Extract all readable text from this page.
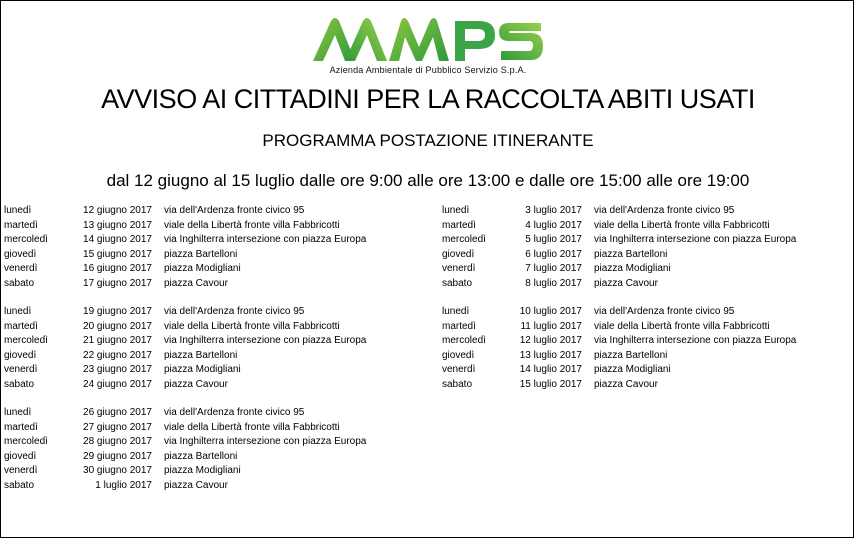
Azienda Ambientale di Pubblico Servizio S.p.A.
AVVISO AI CITTADINI PER LA RACCOLTA ABITI USATI
PROGRAMMA POSTAZIONE ITINERANTE
dal 12 giugno al 15 luglio dalle ore 9:00 alle ore 13:00 e dalle ore 15:00 alle ore 19:00
lunedì	12 giugno 2017 via dell'Ardenza fronte civico 95
martedì	13 giugno 2017 viale della Libertà fronte villa Fabbricotti
mercoledì	14 giugno 2017 via Inghilterra intersezione con piazza Europa
giovedì	15 giugno 2017 piazza Bartelloni
venerdì	16 giugno 2017 piazza Modigliani
sabato	17 giugno 2017 piazza Cavour
lunedì	19 giugno 2017 via dell'Ardenza fronte civico 95
martedì	20 giugno 2017 viale della Libertà fronte villa Fabbricotti
mercoledì	21 giugno 2017 via Inghilterra intersezione con piazza Europa
giovedì	22 giugno 2017 piazza Bartelloni
venerdì	23 giugno 2017 piazza Modigliani
sabato	24 giugno 2017 piazza Cavour
lunedì	26 giugno 2017 via dell'Ardenza fronte civico 95
martedì	27 giugno 2017 viale della Libertà fronte villa Fabbricotti
mercoledì	28 giugno 2017 via Inghilterra intersezione con piazza Europa
giovedì	29 giugno 2017 piazza Bartelloni
venerdì	30 giugno 2017 piazza Modigliani
sabato	1 luglio 2017 piazza Cavour
lunedì	3 luglio 2017 via dell'Ardenza fronte civico 95
martedì	4 luglio 2017 viale della Libertà fronte villa Fabbricotti
mercoledì	5 luglio 2017 via Inghilterra intersezione con piazza Europa
giovedì	6 luglio 2017 piazza Bartelloni
venerdì	7 luglio 2017 piazza Modigliani
sabato	8 luglio 2017 piazza Cavour
lunedì	10 luglio 2017 via dell'Ardenza fronte civico 95
martedì	11 luglio 2017 viale della Libertà fronte villa Fabbricotti
mercoledì	12 luglio 2017 via Inghilterra intersezione con piazza Europa
giovedì	13 luglio 2017 piazza Bartelloni
venerdì	14 luglio 2017 piazza Modigliani
sabato	15 luglio 2017 piazza Cavour
